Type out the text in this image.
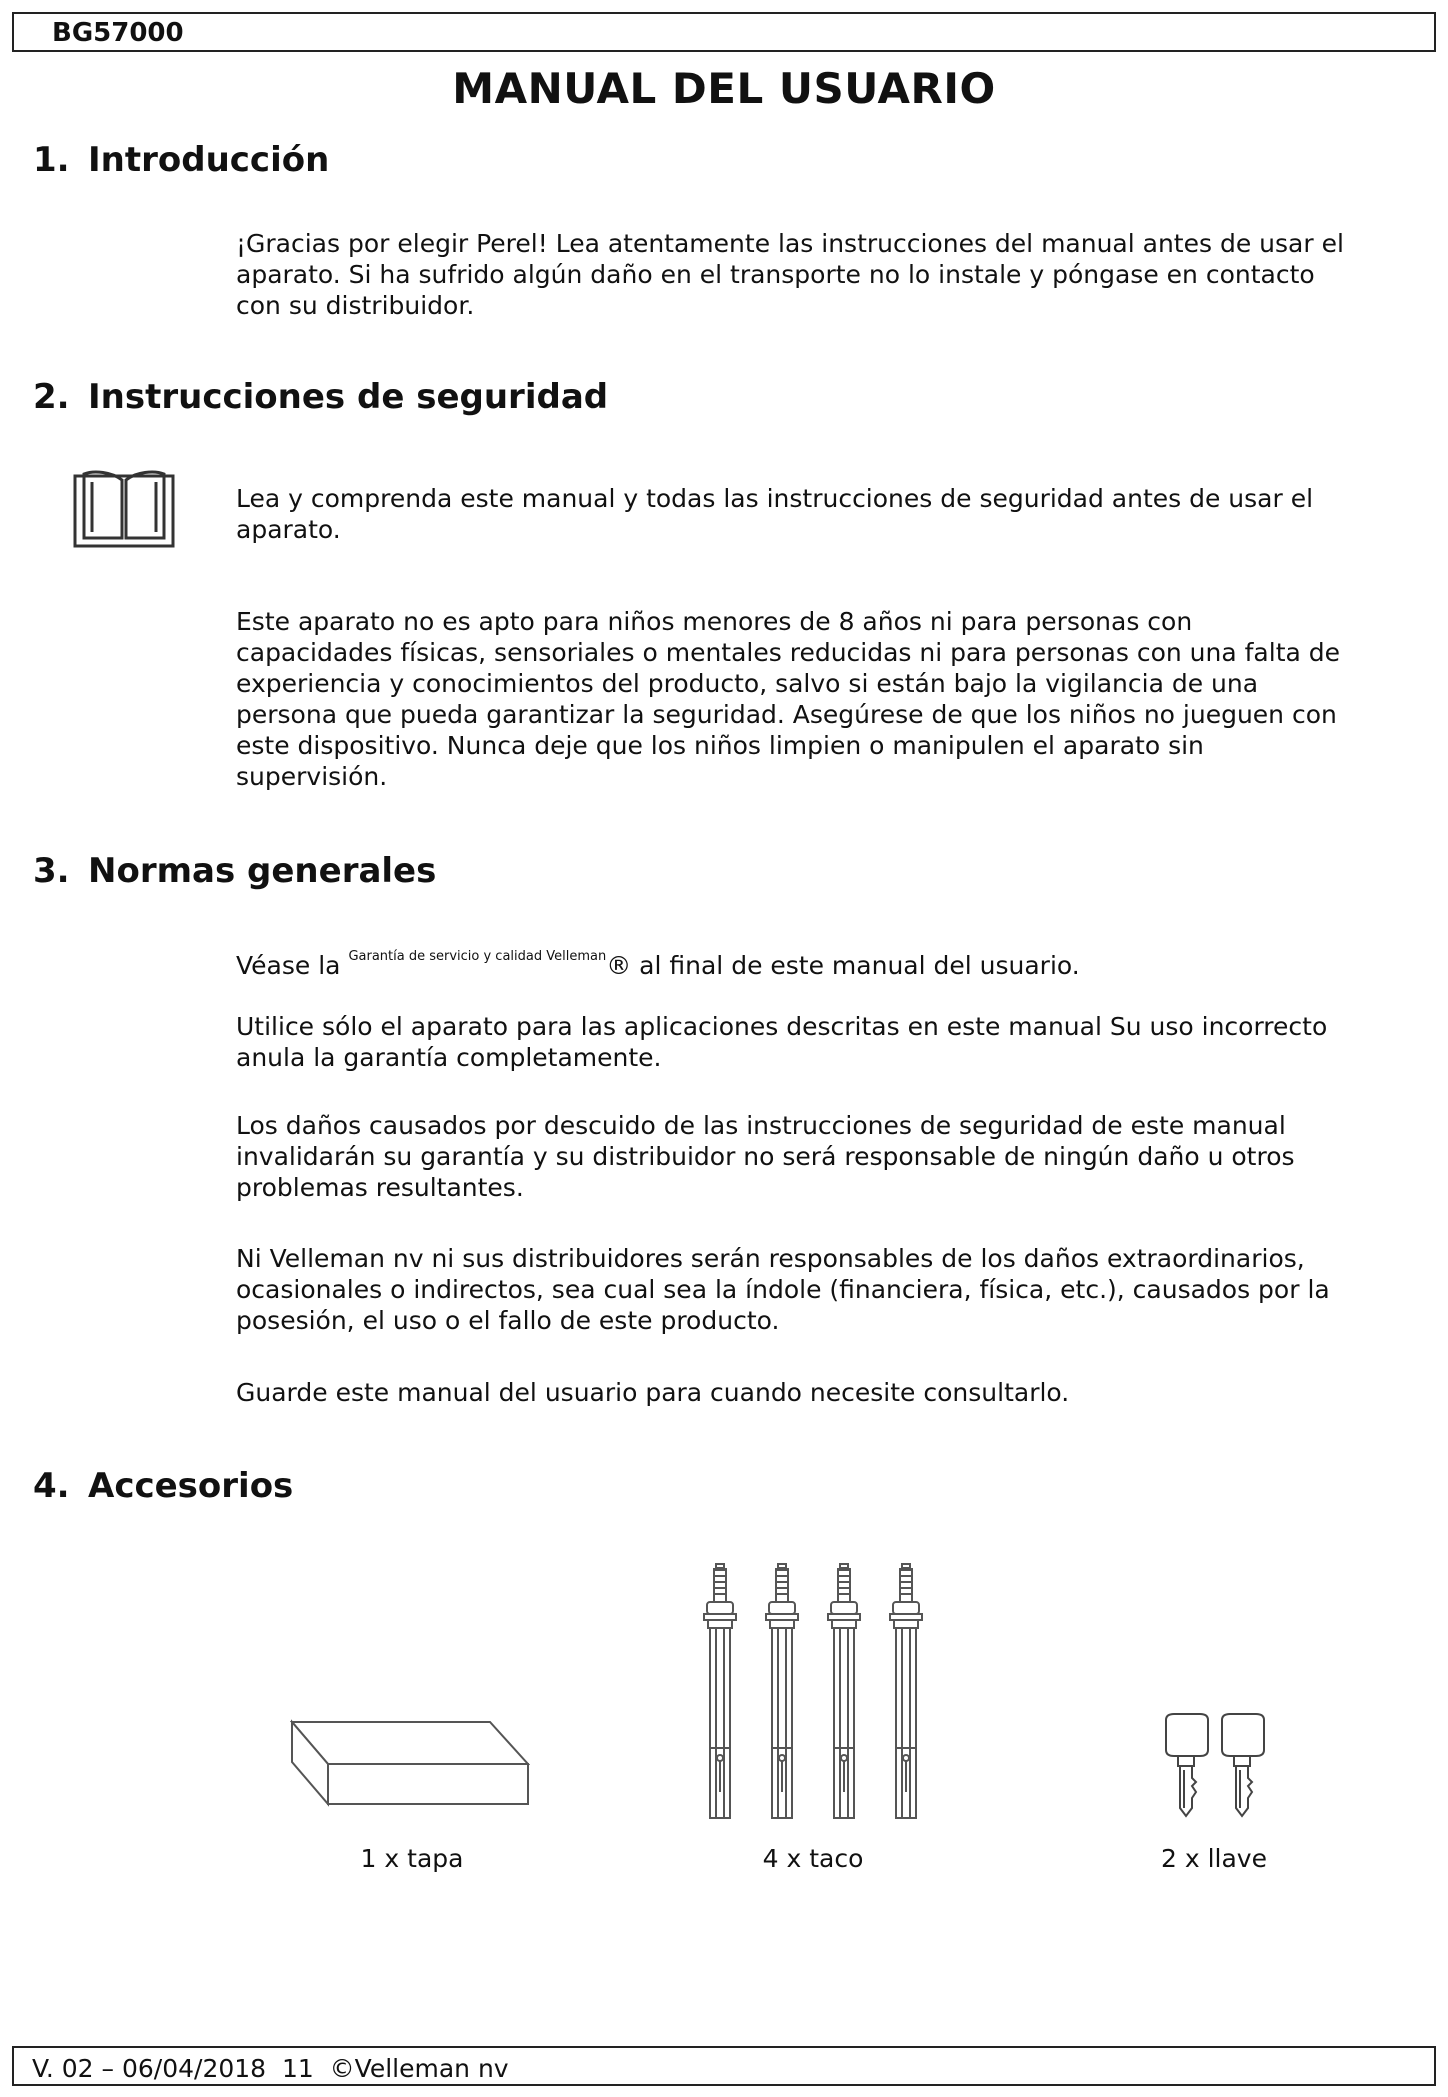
BG57000
MANUAL DEL USUARIO
1. Introducción
¡Gracias por elegir Perel! Lea atentamente las instrucciones del manual antes de usar el
aparato. Si ha sufrido algún daño en el transporte no lo instale y póngase en contacto
con su distribuidor.
2. Instrucciones de seguridad
Lea y comprenda este manual y todas las instrucciones de seguridad antes de usar el
aparato.
Este aparato no es apto para niños menores de 8 años ni para personas con
capacidades físicas, sensoriales o mentales reducidas ni para personas con una falta de
experiencia y conocimientos del producto, salvo si están bajo la vigilancia de una
persona que pueda garantizar la seguridad. Asegúrese de que los niños no jueguen con
este dispositivo. Nunca deje que los niños limpien o manipulen el aparato sin
supervisión.
3. Normas generales
Véase la $^{Garantía de servicio y calidad Velleman}$® al final de este manual del usuario.
Utilice sólo el aparato para las aplicaciones descritas en este manual Su uso incorrecto
anula la garantía completamente.
Los daños causados por descuido de las instrucciones de seguridad de este manual
invalidarán su garantía y su distribuidor no será responsable de ningún daño u otros
problemas resultantes.
Ni Velleman nv ni sus distribuidores serán responsables de los daños extraordinarios,
ocasionales o indirectos, sea cual sea la índole (financiera, física, etc.), causados por la
posesión, el uso o el fallo de este producto.
Guarde este manual del usuario para cuando necesite consultarlo.
4. Accesorios
1 x tapa	4 x taco	2 x llave
V. 02 – 06/04/2018  11  ©Velleman nv
